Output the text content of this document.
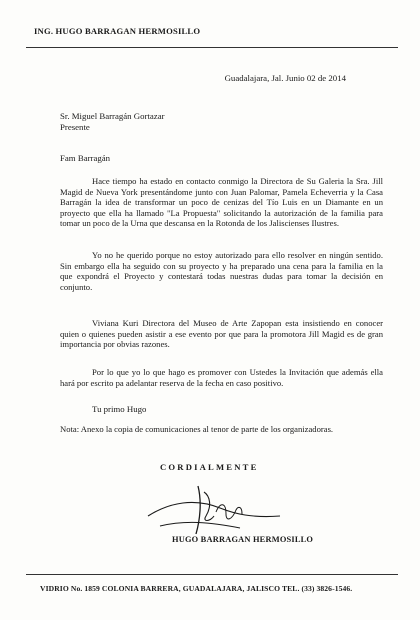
ING. HUGO BARRAGAN HERMOSILLO
Guadalajara, Jal. Junio 02 de 2014
Sr. Miguel Barragán Gortazar
Presente
Fam Barragán

Hace tiempo ha estado en contacto conmigo la Directora de Su Galeria la Sra. Jill Magid de Nueva York presentándome junto con Juan Palomar, Pamela Echeverria y la Casa Barragán la idea de transformar un poco de cenizas del Tío Luis en un Diamante en un proyecto que ella ha llamado "La Propuesta" solicitando la autorización de la familia para tomar un poco de la Urna que descansa en la Rotonda de los Jaliscienses Ilustres.

Yo no he querido porque no estoy autorizado para ello resolver en ningún sentido. Sin embargo ella ha seguido con su proyecto y ha preparado una cena para la familia en la que expondrá el Proyecto y contestará todas nuestras dudas para tomar la decisión en conjunto.

Viviana Kuri Directora del Museo de Arte Zapopan esta insistiendo en conocer quien o quienes pueden asistir a ese evento por que para la promotora Jill Magid es de gran importancia por obvias razones.

Por lo que yo lo que hago es promover con Ustedes la Invitación que además ella hará por escrito pa adelantar reserva de la fecha en caso positivo.

Tu primo Hugo
Nota: Anexo la copia de comunicaciones al tenor de parte de los organizadoras.
CORDIALMENTE
HUGO BARRAGAN HERMOSILLO
VIDRIO No. 1859 COLONIA BARRERA, GUADALAJARA, JALISCO TEL. (33) 3826-1546.
